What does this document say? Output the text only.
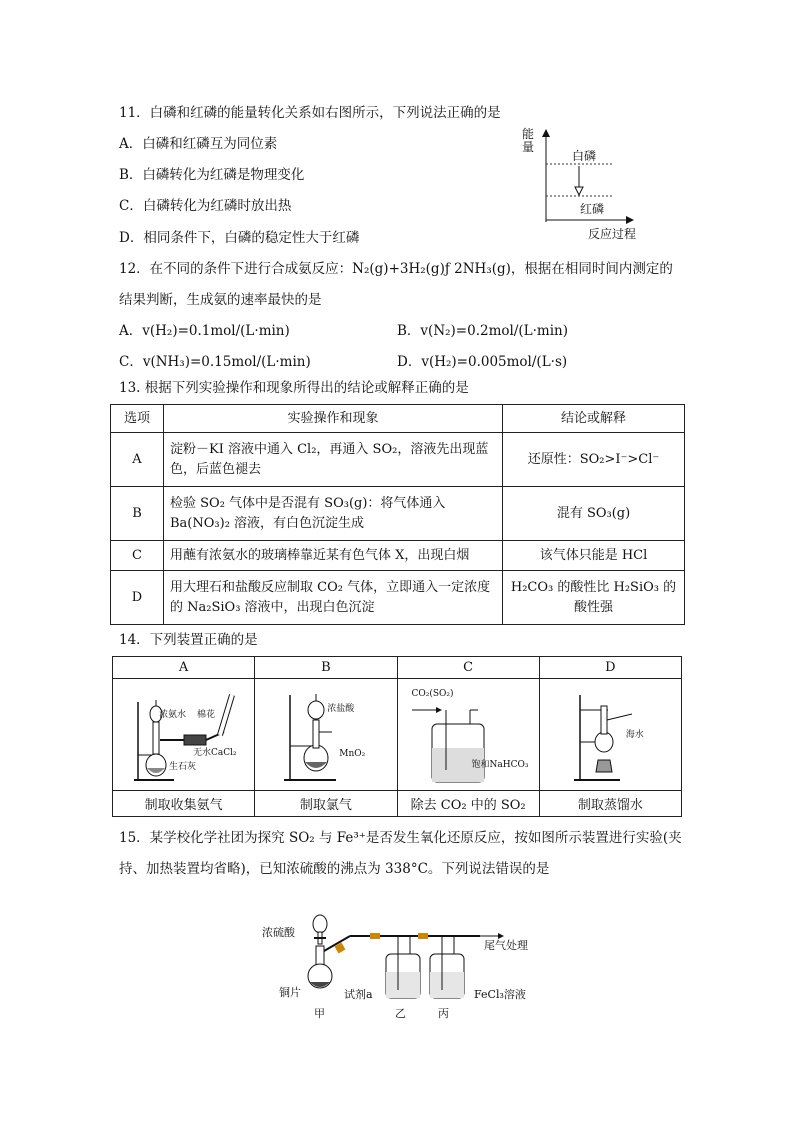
11．白磷和红磷的能量转化关系如右图所示，下列说法正确的是
A．白磷和红磷互为同位素
B．白磷转化为红磷是物理变化
C．白磷转化为红磷时放出热
D．相同条件下，白磷的稳定性大于红磷
能量
白磷
红磷
反应过程
12．在不同的条件下进行合成氨反应：N₂(g)+3H₂(g)ƒ 2NH₃(g)，根据在相同时间内测定的
结果判断，生成氨的速率最快的是
A．v(H₂)=0.1mol/(L·min)	B．v(N₂)=0.2mol/(L·min)
C．v(NH₃)=0.15mol/(L·min)	D．v(H₂)=0.005mol/(L·s)
13. 根据下列实验操作和现象所得出的结论或解释正确的是
选项	实验操作和现象	结论或解释
A	淀粉－KI 溶液中通入 Cl₂，再通入 SO₂，溶液先出现蓝色，后蓝色褪去	还原性：SO₂>I⁻>Cl⁻
B	检验 SO₂ 气体中是否混有 SO₃(g)：将气体通入 Ba(NO₃)₂ 溶液，有白色沉淀生成	混有 SO₃(g)
C	用蘸有浓氨水的玻璃棒靠近某有色气体 X，出现白烟	该气体只能是 HCl
D	用大理石和盐酸反应制取 CO₂ 气体，立即通入一定浓度的 Na₂SiO₃ 溶液中，出现白色沉淀	H₂CO₃ 的酸性比 H₂SiO₃ 的酸性强
14．下列装置正确的是
A	B	C	D

浓氨水 棉花
无水CaCl₂
生石灰	浓盐酸
MnO₂	CO₂(SO₂)
饱和NaHCO₃	海水

制取收集氨气	制取氯气	除去 CO₂ 中的 SO₂	制取蒸馏水
15．某学校化学社团为探究 SO₂ 与 Fe³⁺是否发生氧化还原反应，按如图所示装置进行实验(夹
持、加热装置均省略)，已知浓硫酸的沸点为 338°C。下列说法错误的是
浓硫酸
铜片	试剂a
尾气处理
FeCl₃溶液
甲	乙	丙
